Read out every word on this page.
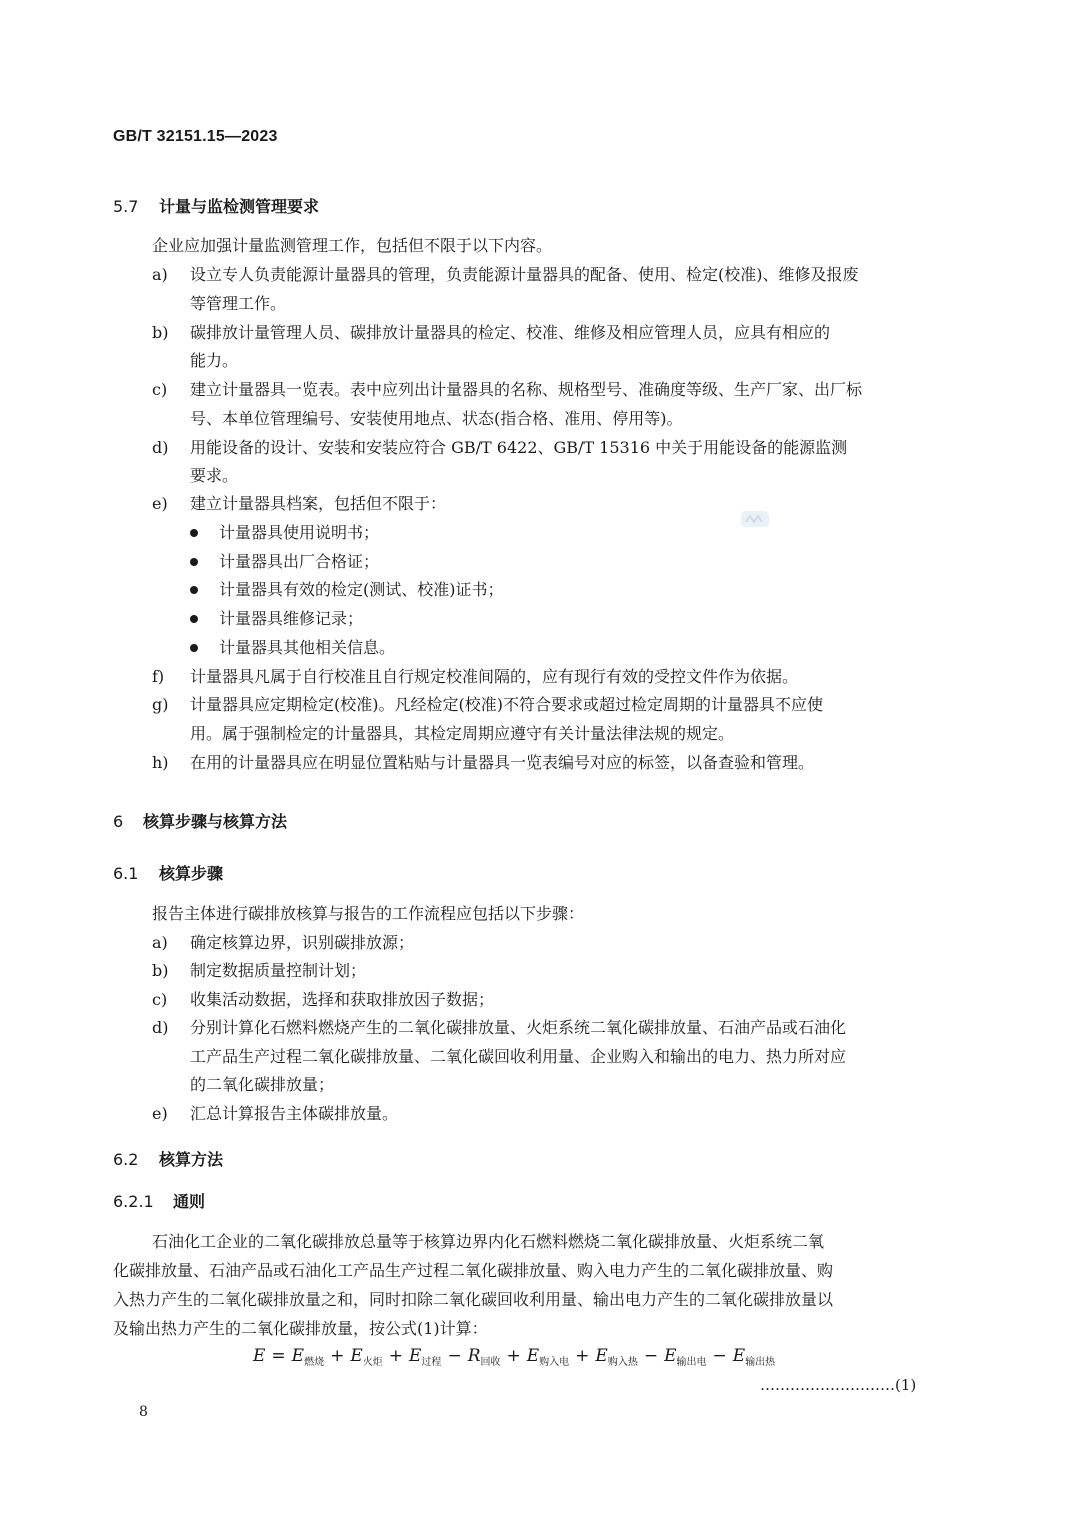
GB/T 32151.15—2023
5.7 计量与监检测管理要求
企业应加强计量监测管理工作，包括但不限于以下内容。
a) 设立专人负责能源计量器具的管理，负责能源计量器具的配备、使用、检定(校准)、维修及报废
等管理工作。
b) 碳排放计量管理人员、碳排放计量器具的检定、校准、维修及相应管理人员，应具有相应的
能力。
c) 建立计量器具一览表。表中应列出计量器具的名称、规格型号、准确度等级、生产厂家、出厂标
号、本单位管理编号、安装使用地点、状态(指合格、准用、停用等)。
d) 用能设备的设计、安装和安装应符合 GB/T 6422、GB/T 15316 中关于用能设备的能源监测
要求。
e) 建立计量器具档案，包括但不限于：
计量器具使用说明书；
计量器具出厂合格证；
计量器具有效的检定(测试、校准)证书；
计量器具维修记录；
计量器具其他相关信息。
f) 计量器具凡属于自行校准且自行规定校准间隔的，应有现行有效的受控文件作为依据。
g) 计量器具应定期检定(校准)。凡经检定(校准)不符合要求或超过检定周期的计量器具不应使
用。属于强制检定的计量器具，其检定周期应遵守有关计量法律法规的规定。
h) 在用的计量器具应在明显位置粘贴与计量器具一览表编号对应的标签，以备查验和管理。
6 核算步骤与核算方法
6.1 核算步骤
报告主体进行碳排放核算与报告的工作流程应包括以下步骤：
a) 确定核算边界，识别碳排放源；
b) 制定数据质量控制计划；
c) 收集活动数据，选择和获取排放因子数据；
d) 分别计算化石燃料燃烧产生的二氧化碳排放量、火炬系统二氧化碳排放量、石油产品或石油化
工产品生产过程二氧化碳排放量、二氧化碳回收利用量、企业购入和输出的电力、热力所对应
的二氧化碳排放量；
e) 汇总计算报告主体碳排放量。
6.2 核算方法
6.2.1 通则
石油化工企业的二氧化碳排放总量等于核算边界内化石燃料燃烧二氧化碳排放量、火炬系统二氧
化碳排放量、石油产品或石油化工产品生产过程二氧化碳排放量、购入电力产生的二氧化碳排放量、购
入热力产生的二氧化碳排放量之和，同时扣除二氧化碳回收利用量、输出电力产生的二氧化碳排放量以
及输出热力产生的二氧化碳排放量，按公式(1)计算：
$E = E_{燃烧} + E_{火炬} + E_{过程} - R_{回收} + E_{购入电} + E_{购入热} - E_{输出电} - E_{输出热}$
………………………(1)
8
